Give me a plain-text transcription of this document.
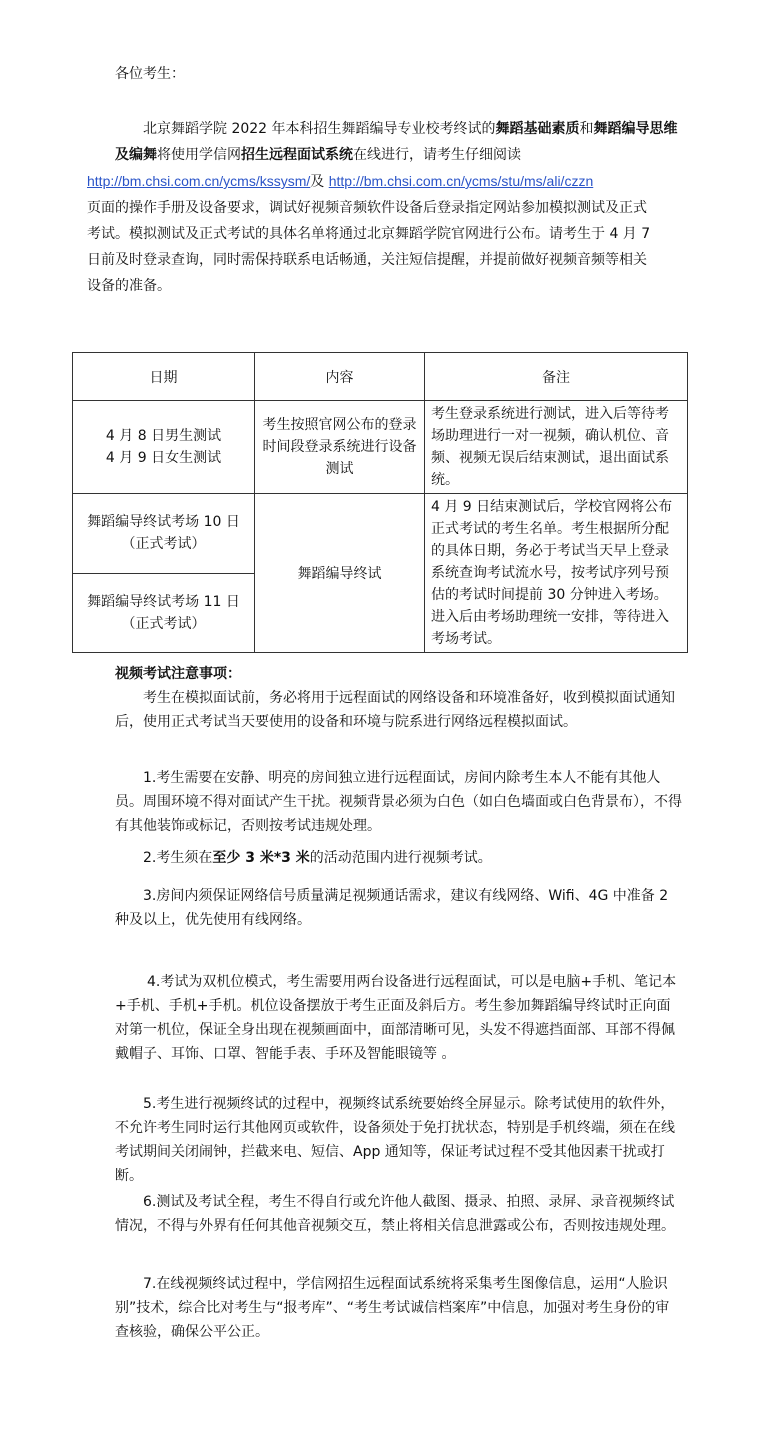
各位考生：
北京舞蹈学院 2022 年本科招生舞蹈编导专业校考终试的舞蹈基础素质和舞蹈编导思维及编舞将使用学信网招生远程面试系统在线进行，请考生仔细阅读
http://bm.chsi.com.cn/ycms/kssysm/及 http://bm.chsi.com.cn/ycms/stu/ms/ali/czzn
页面的操作手册及设备要求，调试好视频音频软件设备后登录指定网站参加模拟测试及正式考试。模拟测试及正式考试的具体名单将通过北京舞蹈学院官网进行公布。请考生于 4 月 7 日前及时登录查询，同时需保持联系电话畅通，关注短信提醒，并提前做好视频音频等相关设备的准备。
日期	内容	备注
4 月 8 日男生测试
4 月 9 日女生测试	考生按照官网公布的登录时间段登录系统进行设备测试	考生登录系统进行测试，进入后等待考场助理进行一对一视频，确认机位、音频、视频无误后结束测试，退出面试系统。
舞蹈编导终试考场 10 日
（正式考试）	舞蹈编导终试	4 月 9 日结束测试后，学校官网将公布正式考试的考生名单。考生根据所分配的具体日期，务必于考试当天早上登录系统查询考试流水号，按考试序列号预估的考试时间提前 30 分钟进入考场。进入后由考场助理统一安排，等待进入考场考试。
舞蹈编导终试考场 11 日
（正式考试）		
视频考试注意事项：
考生在模拟面试前，务必将用于远程面试的网络设备和环境准备好，收到模拟面试通知后，使用正式考试当天要使用的设备和环境与院系进行网络远程模拟面试。
1.考生需要在安静、明亮的房间独立进行远程面试，房间内除考生本人不能有其他人员。周围环境不得对面试产生干扰。视频背景必须为白色（如白色墙面或白色背景布），不得有其他装饰或标记，否则按考试违规处理。
2.考生须在至少 3 米*3 米的活动范围内进行视频考试。
3.房间内须保证网络信号质量满足视频通话需求，建议有线网络、Wifi、4G 中准备 2 种及以上，优先使用有线网络。
4.考试为双机位模式，考生需要用两台设备进行远程面试，可以是电脑+手机、笔记本+手机、手机+手机。机位设备摆放于考生正面及斜后方。考生参加舞蹈编导终试时正向面对第一机位，保证全身出现在视频画面中，面部清晰可见，头发不得遮挡面部、耳部不得佩戴帽子、耳饰、口罩、智能手表、手环及智能眼镜等 。
5.考生进行视频终试的过程中，视频终试系统要始终全屏显示。除考试使用的软件外，不允许考生同时运行其他网页或软件，设备须处于免打扰状态，特别是手机终端，须在在线考试期间关闭闹钟，拦截来电、短信、App 通知等，保证考试过程不受其他因素干扰或打断。
6.测试及考试全程，考生不得自行或允许他人截图、摄录、拍照、录屏、录音视频终试情况，不得与外界有任何其他音视频交互，禁止将相关信息泄露或公布，否则按违规处理。
7.在线视频终试过程中，学信网招生远程面试系统将采集考生图像信息，运用“人脸识别”技术，综合比对考生与“报考库”、“考生考试诚信档案库”中信息，加强对考生身份的审查核验，确保公平公正。
